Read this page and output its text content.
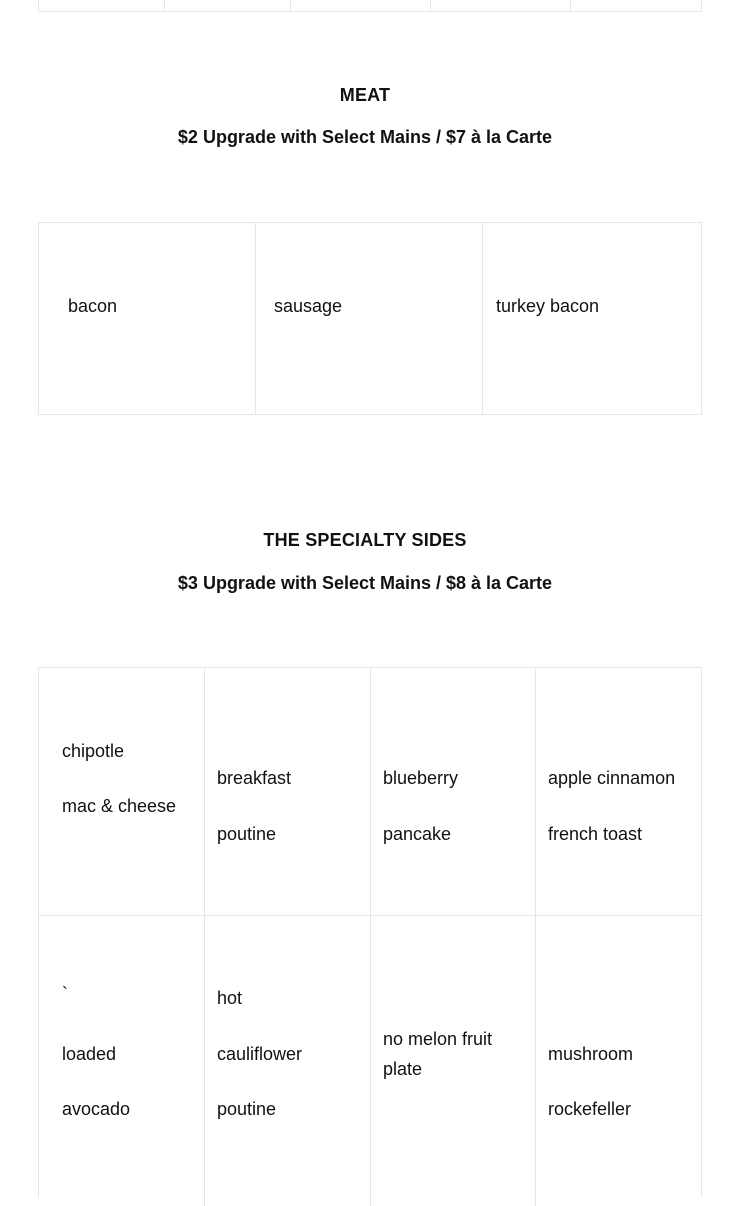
MEAT
$2 Upgrade with Select Mains / $7 à la Carte
bacon	sausage	turkey bacon
THE SPECIALTY SIDES
$3 Upgrade with Select Mains / $8 à la Carte
chipotle
mac & cheese
breakfast
poutine
blueberry
pancake
apple cinnamon
french toast
`
loaded
avocado
hot
cauliflower
poutine
no melon fruit
plate
mushroom
rockefeller
